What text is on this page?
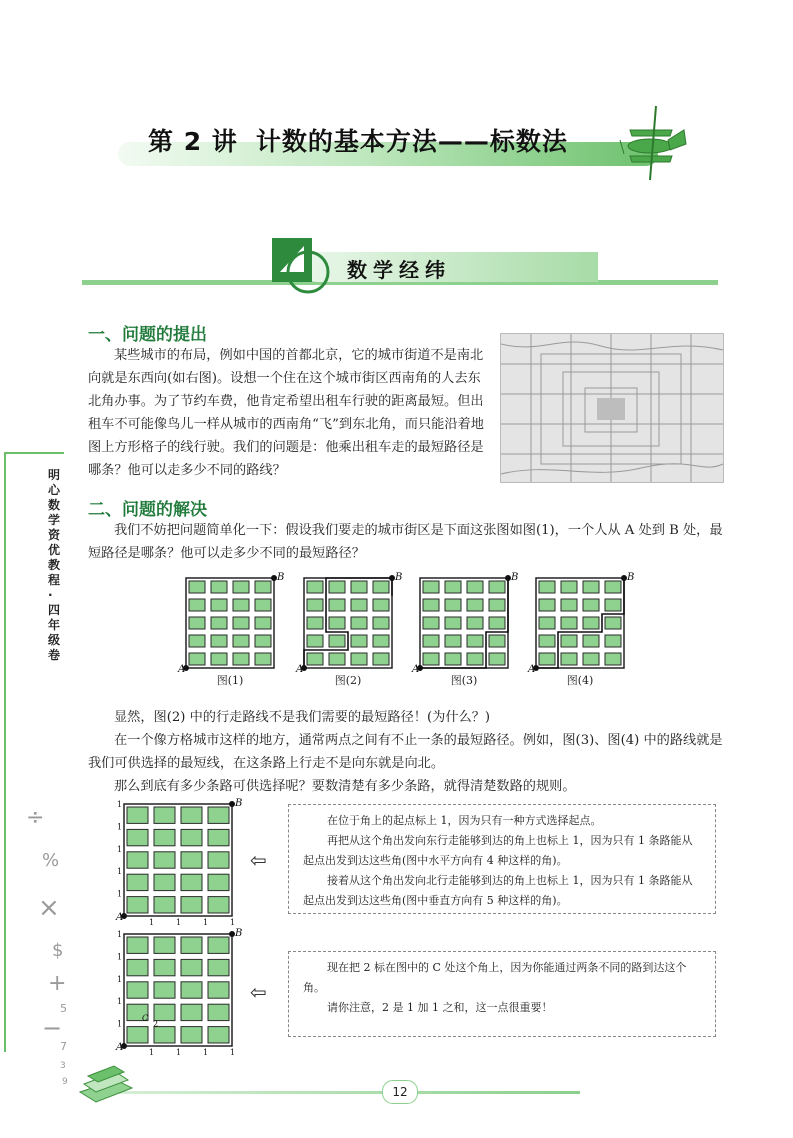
第 2 讲 计数的基本方法——标数法
数学经纬
一、问题的提出
某些城市的布局，例如中国的首都北京，它的城市街道不是南北向就是东西向(如右图)。设想一个住在这个城市街区西南角的人去东北角办事。为了节约车费，他肯定希望出租车行驶的距离最短。但出租车不可能像鸟儿一样从城市的西南角“飞”到东北角，而只能沿着地图上方形格子的线行驶。我们的问题是：他乘出租车走的最短路径是哪条？他可以走多少不同的路线？
二、问题的解决
我们不妨把问题简单化一下：假设我们要走的城市街区是下面这张图如图(1)，一个人从 A 处到 B 处，最短路径是哪条？他可以走多少不同的最短路径？
A
B
图(1)
A
B
图(2)
A
B
图(3)
A
B
图(4)
显然，图(2) 中的行走路线不是我们需要的最短路径！(为什么？)
在一个像方格城市这样的地方，通常两点之间有不止一条的最短路径。例如，图(3)、图(4) 中的路线就是我们可供选择的最短线，在这条路上行走不是向东就是向北。
那么到底有多少条路可供选择呢？要数清楚有多少条路，就得清楚数路的规则。
A
B
1	1	1	1
1
1
1
1
1
A
B
1	1	1	1
1
1
1
1
1
C
2
⇦
⇦

在位于角上的起点标上 1，因为只有一种方式选择起点。

再把从这个角出发向东行走能够到达的角上也标上 1，因为只有 1 条路能从起点出发到达这些角(图中水平方向有 4 种这样的角)。

接着从这个角出发向北行走能够到达的角上也标上 1，因为只有 1 条路能从起点出发到达这些角(图中垂直方向有 5 种这样的角)。

现在把 2 标在图中的 C 处这个角上，因为你能通过两条不同的路到达这个角。

请你注意，2 是 1 加 1 之和，这一点很重要！

明心数学资优教程·四年级卷
÷
%
×
$
+
5
−
7
3
9
12
